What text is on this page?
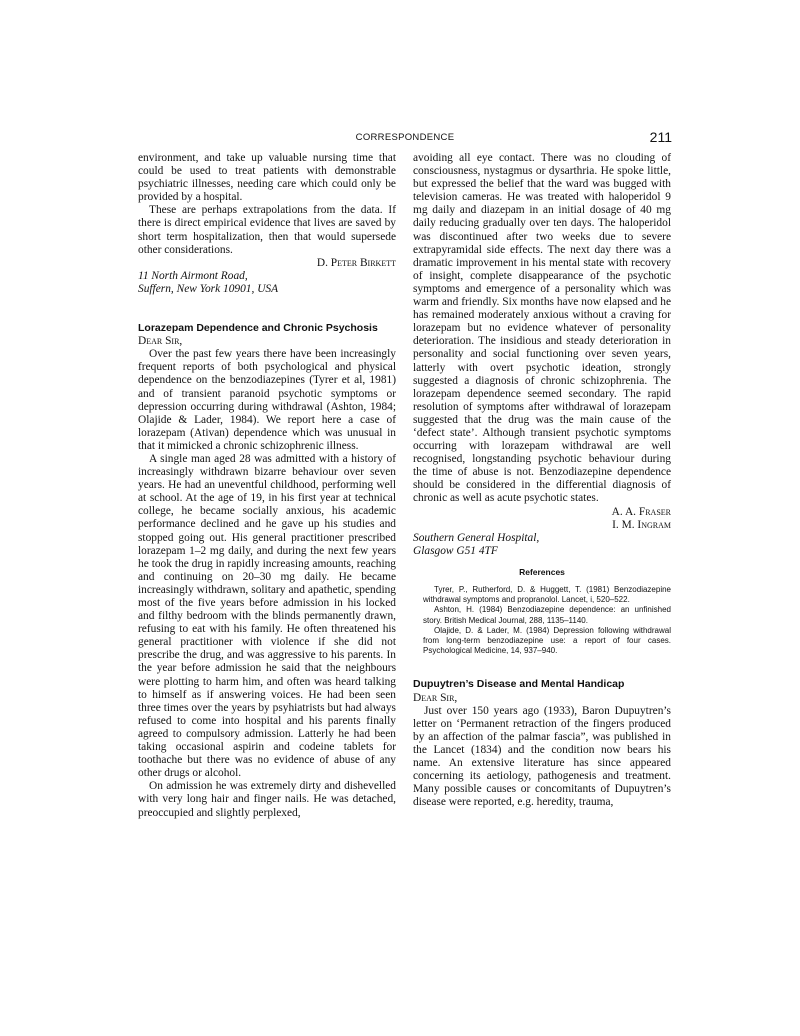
CORRESPONDENCE	211

environment, and take up valuable nursing time that could be used to treat patients with demonstrable psychiatric illnesses, needing care which could only be provided by a hospital.

These are perhaps extrapolations from the data. If there is direct empirical evidence that lives are saved by short term hospitalization, then that would supersede other considerations.

D. Peter Birkett
11 North Airmont Road,
Suffern, New York 10901, USA
Lorazepam Dependence and Chronic Psychosis
Dear Sir,

Over the past few years there have been increasingly frequent reports of both psychological and physical dependence on the benzodiazepines (Tyrer et al, 1981) and of transient paranoid psychotic symptoms or depression occurring during withdrawal (Ashton, 1984; Olajide & Lader, 1984). We report here a case of lorazepam (Ativan) dependence which was unusual in that it mimicked a chronic schizophrenic illness.

A single man aged 28 was admitted with a history of increasingly withdrawn bizarre behaviour over seven years. He had an uneventful childhood, performing well at school. At the age of 19, in his first year at technical college, he became socially anxious, his academic performance declined and he gave up his studies and stopped going out. His general practitioner prescribed lorazepam 1–2 mg daily, and during the next few years he took the drug in rapidly increasing amounts, reaching and continuing on 20–30 mg daily. He became increasingly withdrawn, solitary and apathetic, spending most of the five years before admission in his locked and filthy bedroom with the blinds permanently drawn, refusing to eat with his family. He often threatened his general practitioner with violence if she did not prescribe the drug, and was aggressive to his parents. In the year before admission he said that the neighbours were plotting to harm him, and often was heard talking to himself as if answering voices. He had been seen three times over the years by psyhiatrists but had always refused to come into hospital and his parents finally agreed to compulsory admission. Latterly he had been taking occasional aspirin and codeine tablets for toothache but there was no evidence of abuse of any other drugs or alcohol.

On admission he was extremely dirty and dishevelled with very long hair and finger nails. He was detached, preoccupied and slightly perplexed,

avoiding all eye contact. There was no clouding of consciousness, nystagmus or dysarthria. He spoke little, but expressed the belief that the ward was bugged with television cameras. He was treated with haloperidol 9 mg daily and diazepam in an initial dosage of 40 mg daily reducing gradually over ten days. The haloperidol was discontinued after two weeks due to severe extrapyramidal side effects. The next day there was a dramatic improvement in his mental state with recovery of insight, complete disappearance of the psychotic symptoms and emergence of a personality which was warm and friendly. Six months have now elapsed and he has remained moderately anxious without a craving for lorazepam but no evidence whatever of personality deterioration. The insidious and steady deterioration in personality and social functioning over seven years, latterly with overt psychotic ideation, strongly suggested a diagnosis of chronic schizophrenia. The lorazepam dependence seemed secondary. The rapid resolution of symptoms after withdrawal of lorazepam suggested that the drug was the main cause of the ‘defect state’. Although transient psychotic symptoms occurring with lorazepam withdrawal are well recognised, longstanding psychotic behaviour during the time of abuse is not. Benzodiazepine dependence should be considered in the differential diagnosis of chronic as well as acute psychotic states.

A. A. Fraser
I. M. Ingram
Southern General Hospital,
Glasgow G51 4TF
References

Tyrer, P., Rutherford, D. & Huggett, T. (1981) Benzodiazepine withdrawal symptoms and propranolol. Lancet, i, 520–522.

Ashton, H. (1984) Benzodiazepine dependence: an unfinished story. British Medical Journal, 288, 1135–1140.

Olajide, D. & Lader, M. (1984) Depression following withdrawal from long-term benzodiazepine use: a report of four cases. Psychological Medicine, 14, 937–940.

Dupuytren’s Disease and Mental Handicap
Dear Sir,

Just over 150 years ago (1933), Baron Dupuytren’s letter on ‘Permanent retraction of the fingers produced by an affection of the palmar fascia”, was published in the Lancet (1834) and the condition now bears his name. An extensive literature has since appeared concerning its aetiology, pathogenesis and treatment. Many possible causes or concomitants of Dupuytren’s disease were reported, e.g. heredity, trauma,
